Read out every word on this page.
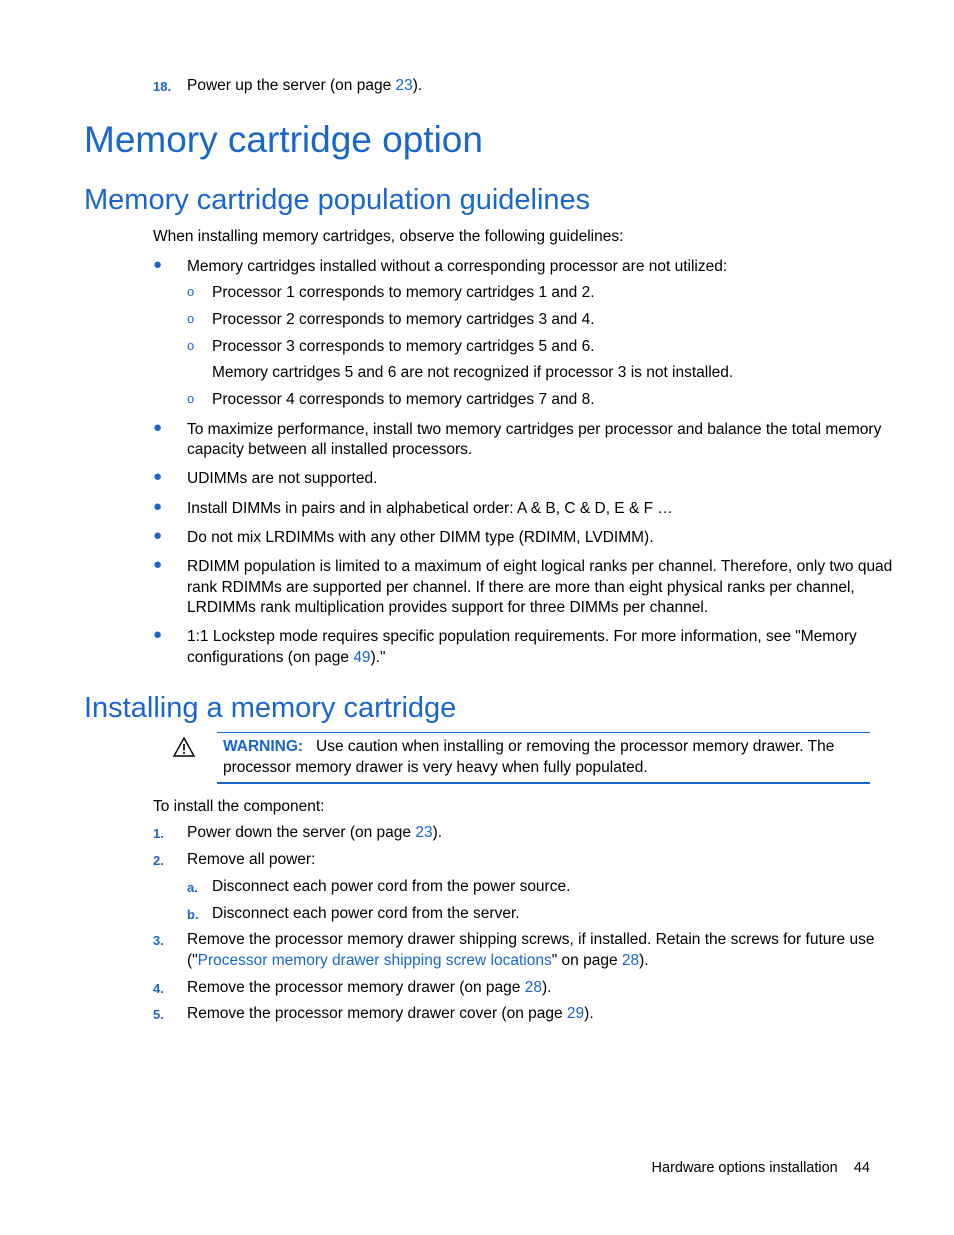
18. Power up the server (on page 23).
Memory cartridge option
Memory cartridge population guidelines
When installing memory cartridges, observe the following guidelines:
● Memory cartridges installed without a corresponding processor are not utilized:
o Processor 1 corresponds to memory cartridges 1 and 2.
o Processor 2 corresponds to memory cartridges 3 and 4.
o Processor 3 corresponds to memory cartridges 5 and 6.
Memory cartridges 5 and 6 are not recognized if processor 3 is not installed.
o Processor 4 corresponds to memory cartridges 7 and 8.
● To maximize performance, install two memory cartridges per processor and balance the total memory
capacity between all installed processors.
● UDIMMs are not supported.
● Install DIMMs in pairs and in alphabetical order: A & B, C & D, E & F …
● Do not mix LRDIMMs with any other DIMM type (RDIMM, LVDIMM).
● RDIMM population is limited to a maximum of eight logical ranks per channel. Therefore, only two quad
rank RDIMMs are supported per channel. If there are more than eight physical ranks per channel,
LRDIMMs rank multiplication provides support for three DIMMs per channel.
● 1:1 Lockstep mode requires specific population requirements. For more information, see "Memory
configurations (on page 49)."
Installing a memory cartridge
WARNING: Use caution when installing or removing the processor memory drawer. The
processor memory drawer is very heavy when fully populated.
To install the component:
1. Power down the server (on page 23).
2. Remove all power:
a. Disconnect each power cord from the power source.
b. Disconnect each power cord from the server.
3. Remove the processor memory drawer shipping screws, if installed. Retain the screws for future use
("Processor memory drawer shipping screw locations" on page 28).
4. Remove the processor memory drawer (on page 28).
5. Remove the processor memory drawer cover (on page 29).
Hardware options installation 44
